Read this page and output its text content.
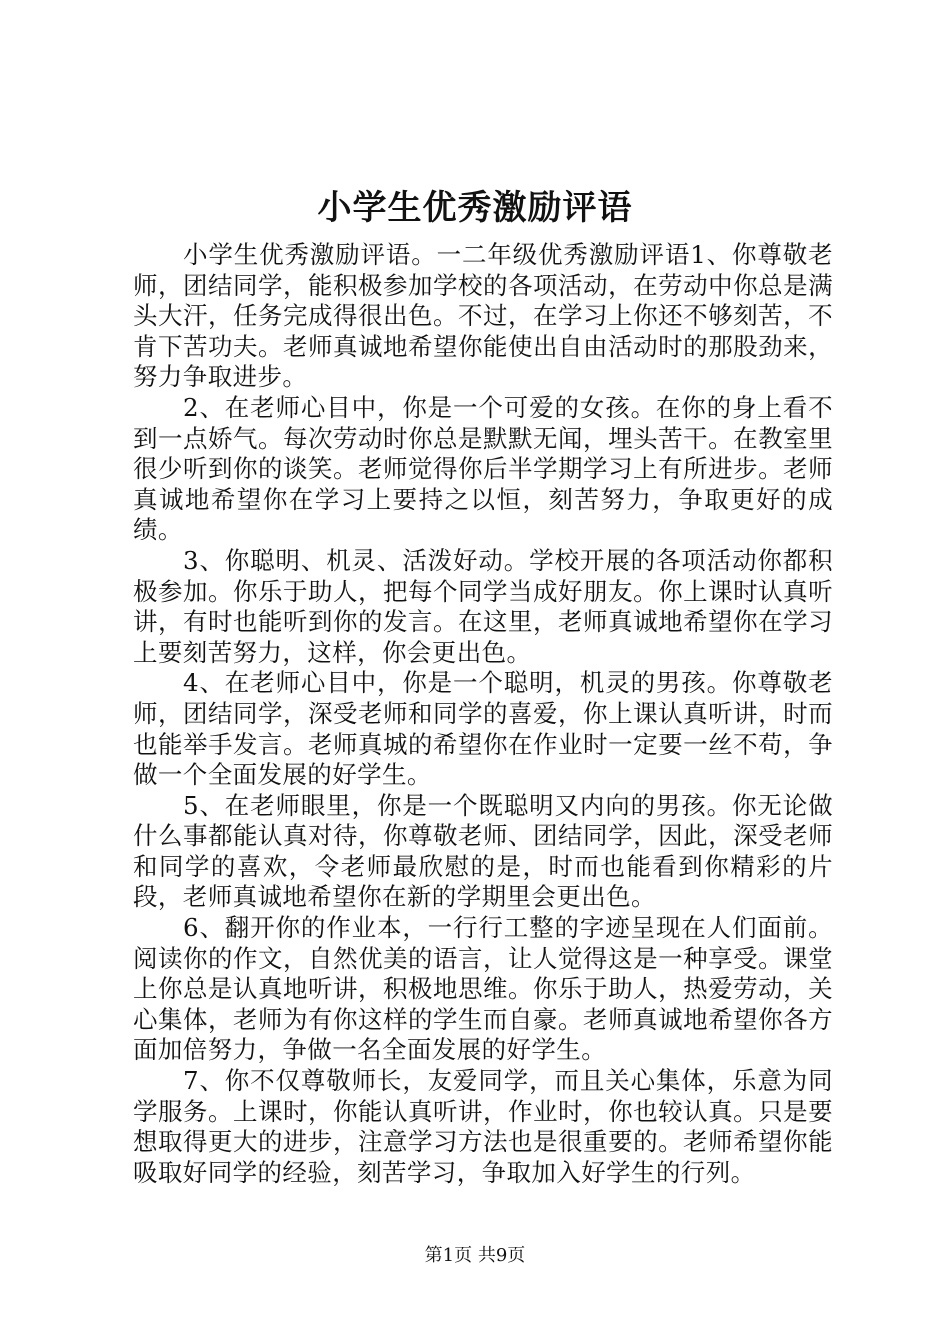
小学生优秀激励评语

小学生优秀激励评语。一二年级优秀激励评语1、你尊敬老师，团结同学，能积极参加学校的各项活动，在劳动中你总是满头大汗，任务完成得很出色。不过，在学习上你还不够刻苦，不肯下苦功夫。老师真诚地希望你能使出自由活动时的那股劲来，努力争取进步。

2、在老师心目中，你是一个可爱的女孩。在你的身上看不到一点娇气。每次劳动时你总是默默无闻，埋头苦干。在教室里很少听到你的谈笑。老师觉得你后半学期学习上有所进步。老师真诚地希望你在学习上要持之以恒，刻苦努力，争取更好的成绩。

3、你聪明、机灵、活泼好动。学校开展的各项活动你都积极参加。你乐于助人，把每个同学当成好朋友。你上课时认真听讲，有时也能听到你的发言。在这里，老师真诚地希望你在学习上要刻苦努力，这样，你会更出色。

4、在老师心目中，你是一个聪明，机灵的男孩。你尊敬老师，团结同学，深受老师和同学的喜爱，你上课认真听讲，时而也能举手发言。老师真城的希望你在作业时一定要一丝不苟，争做一个全面发展的好学生。

5、在老师眼里，你是一个既聪明又内向的男孩。你无论做什么事都能认真对待，你尊敬老师、团结同学，因此，深受老师和同学的喜欢，令老师最欣慰的是，时而也能看到你精彩的片段，老师真诚地希望你在新的学期里会更出色。

6、翻开你的作业本，一行行工整的字迹呈现在人们面前。阅读你的作文，自然优美的语言，让人觉得这是一种享受。课堂上你总是认真地听讲，积极地思维。你乐于助人，热爱劳动，关心集体，老师为有你这样的学生而自豪。老师真诚地希望你各方面加倍努力，争做一名全面发展的好学生。

7、你不仅尊敬师长，友爱同学，而且关心集体，乐意为同学服务。上课时，你能认真听讲，作业时，你也较认真。只是要想取得更大的进步，注意学习方法也是很重要的。老师希望你能吸取好同学的经验，刻苦学习，争取加入好学生的行列。

第1页 共9页
